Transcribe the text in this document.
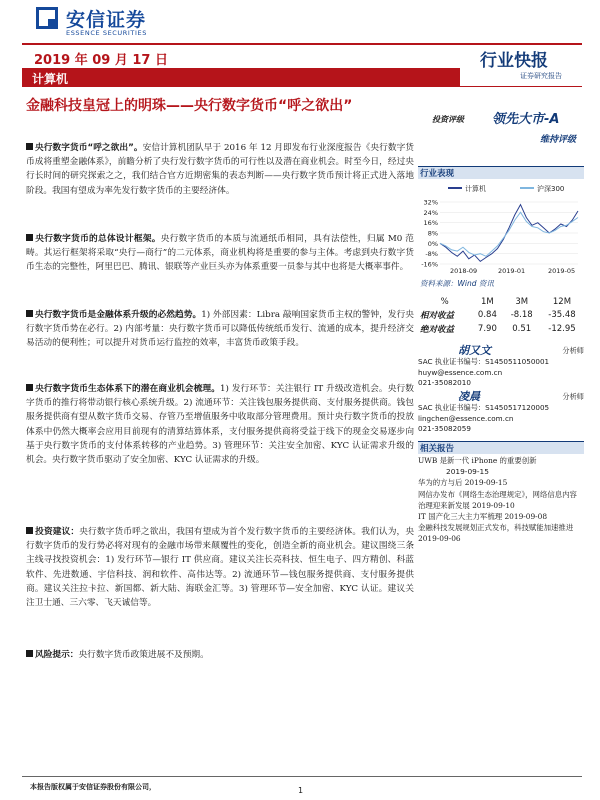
安信证券
ESSENCE SECURITIES
2019 年 09 月 17 日	行业快报
证券研究报告
计算机
金融科技皇冠上的明珠——央行数字货币“呼之欲出”
央行数字货币“呼之欲出”。安信计算机团队早于 2016 年 12 月即发布行业深度报告《央行数字货币成将重塑金融体系》，前瞻分析了央行发行数字货币的可行性以及潜在商业机会。时至今日，经过央行长时间的研究探索之之，我们结合官方近期密集的表态判断——央行数字货币预计将正式进入落地阶段。我国有望成为率先发行数字货币的主要经济体。
央行数字货币的总体设计框架。央行数字货币的本质与流通纸币相同，具有法偿性，归属 M0 范畴。其运行框架将采取“央行—商行”的二元体系，商业机构将是重要的参与主体。考虑到央行数字货币生态的完整性，阿里巴巴、腾讯、银联等产业巨头亦为体系重要一员参与其中也将是大概率事件。
央行数字货币是金融体系升级的必然趋势。1) 外部因素：Libra 敲响国家货币主权的警钟，发行央行数字货币势在必行。2) 内部考量：央行数字货币可以降低传统纸币发行、流通的成本，提升经济交易活动的便利性；可以提升对货币运行监控的效率，丰富货币政策手段。
央行数字货币生态体系下的潜在商业机会梳理。1) 发行环节：关注银行 IT 升级改造机会。央行数字货币的推行将带动银行核心系统升级。2) 流通环节：关注钱包服务提供商、支付服务提供商。钱包服务提供商有望从数字货币交易、存管乃至增值服务中收取部分管理费用。预计央行数字货币的投放体系中仍然大概率会应用目前现有的清算结算体系，支付服务提供商将受益于线下的现金交易逐步向基于央行数字货币的支付体系转移的产业趋势。3) 管理环节：关注安全加密、KYC 认证需求升级的机会。央行数字货币驱动了安全加密、KYC 认证需求的升级。
投资建议：央行数字货币呼之欲出，我国有望成为首个发行数字货币的主要经济体。我们认为，央行数字货币的发行势必将对现有的金融市场带来颠覆性的变化，创造全新的商业机会。建议围绕三条主线寻找投资机会：1) 发行环节—银行 IT 供应商。建议关注长亮科技、恒生电子、四方精创、科蓝软件、先进数通、宇信科技、润和软件、高伟达等。2) 流通环节—钱包服务提供商、支付服务提供商。建议关注拉卡拉、新国都、新大陆、海联金汇等。3) 管理环节—安全加密、KYC 认证。建议关注卫士通、三六零、飞天诚信等。
风险提示：央行数字货币政策进展不及预期。
投资评级 领先大市-A
维持评级
行业表现
计算机	沪深300
32%
24%
16%
8%
0%
-8%
-16%
2018-09	2019-01	2019-05
资料来源：Wind 资讯
%	1M	3M	12M
相对收益	0.84	-8.18	-35.48
绝对收益	7.90	0.51	-12.95
胡又文	分析师
SAC 执业证书编号：S1450511050001
huyw@essence.com.cn
021-35082010
凌晨	分析师
SAC 执业证书编号：S1450517120005
lingchen@essence.com.cn
021-35082059
相关报告
UWB 是新一代 iPhone 的重要创新
2019-09-15
华为的方与后 2019-09-15
网信办发布《网络生态治理规定》，网络信息内容治理迎来新发展 2019-09-10
IT 国产化三大主力军梳理 2019-09-08
金融科技发展规划正式发布，科技赋能加速推进 2019-09-06
本报告版权属于安信证券股份有限公司，	1
